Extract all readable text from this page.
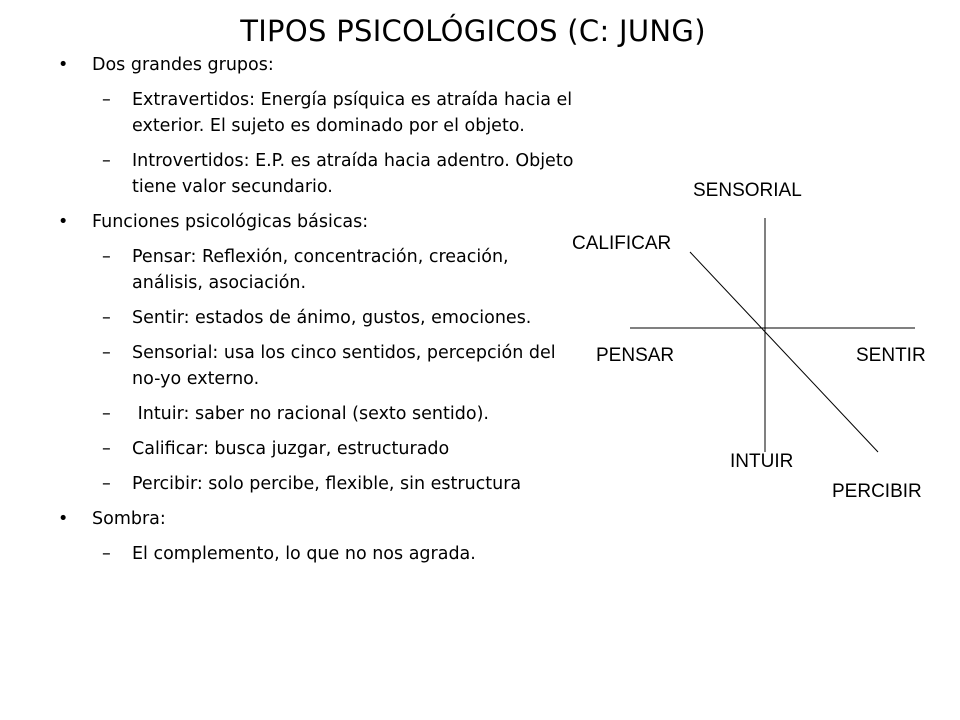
TIPOS PSICOLÓGICOS (C: JUNG)
• Dos grandes grupos:
– Extravertidos: Energía psíquica es atraída hacia el exterior. El sujeto es dominado por el objeto.
– Introvertidos: E.P. es atraída hacia adentro. Objeto tiene valor secundario.
• Funciones psicológicas básicas:
– Pensar: Reflexión, concentración, creación, análisis, asociación.
– Sentir: estados de ánimo, gustos, emociones.
– Sensorial: usa los cinco sentidos, percepción del no-yo externo.
–  Intuir: saber no racional (sexto sentido).
– Calificar: busca juzgar, estructurado
– Percibir: solo percibe, flexible, sin estructura
• Sombra:
– El complemento, lo que no nos agrada.
SENSORIAL
CALIFICAR
PENSAR	SENTIR
INTUIR
PERCIBIR
